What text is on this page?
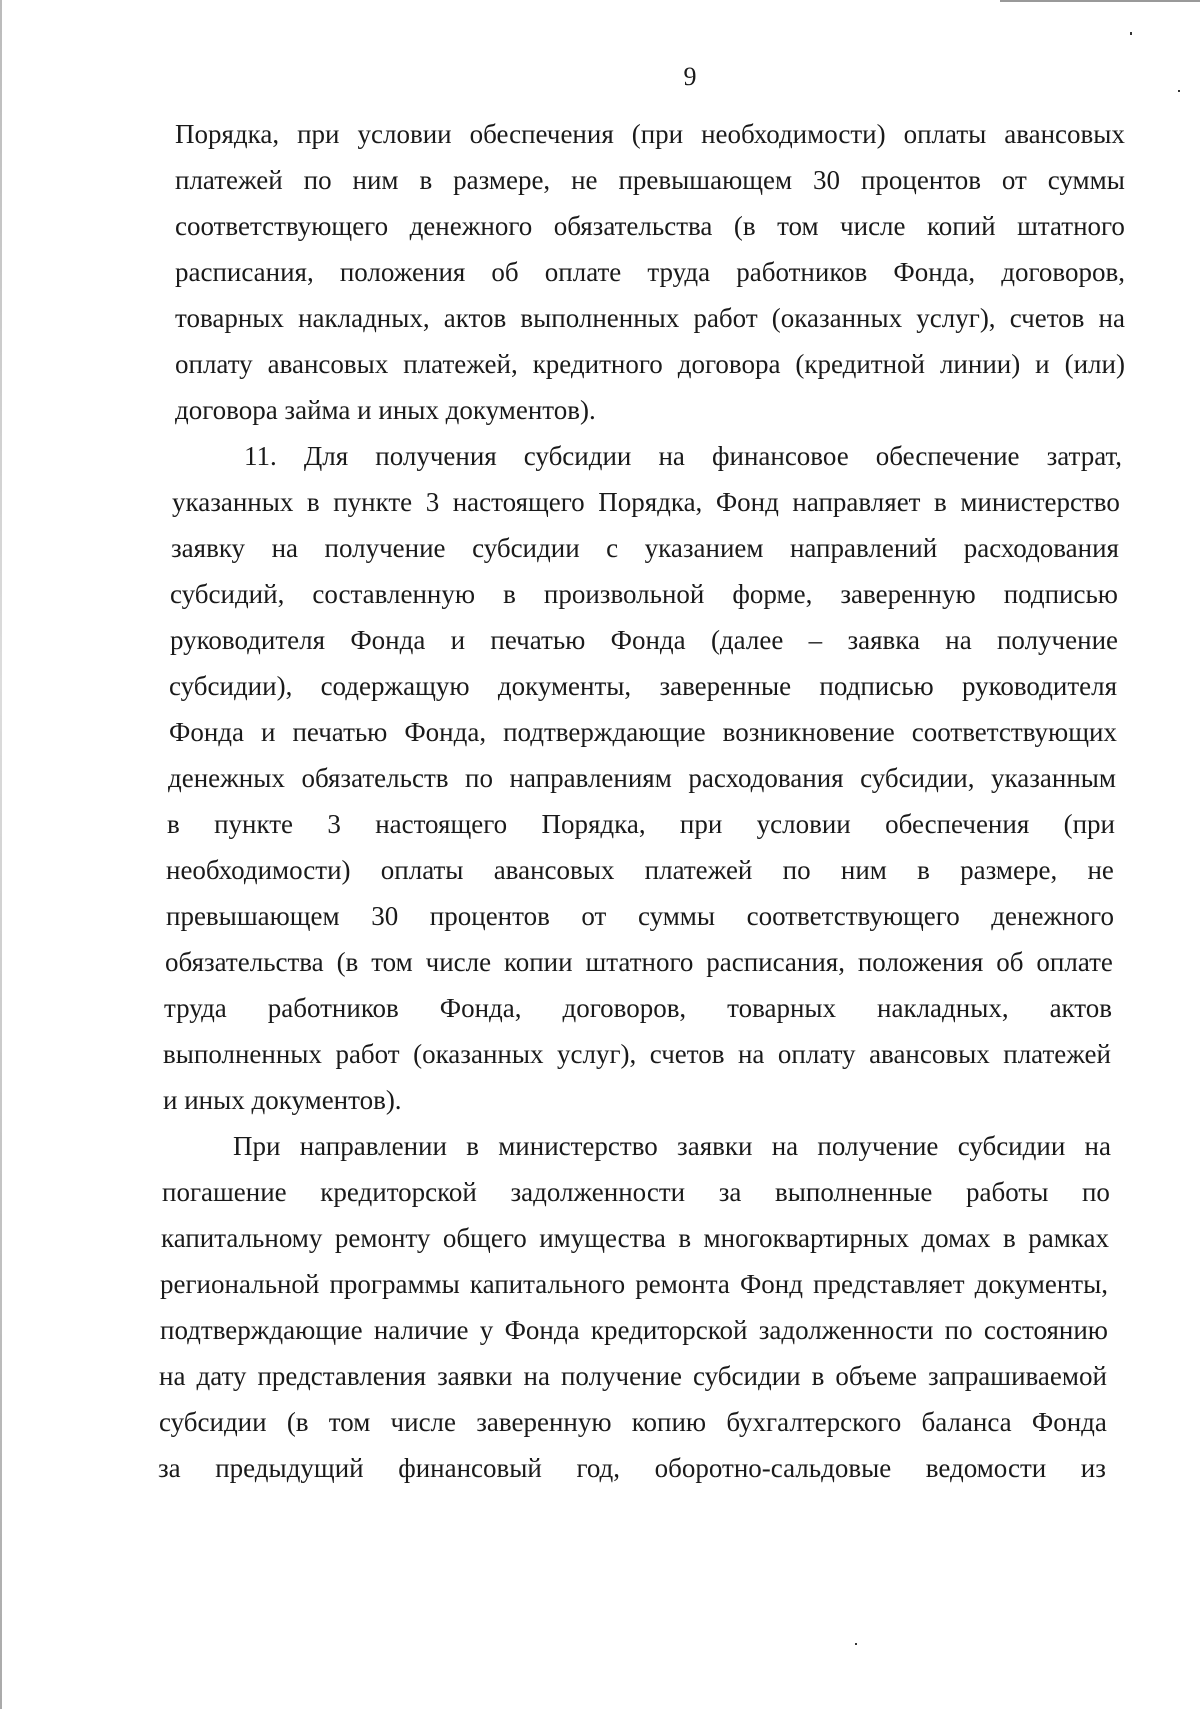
9
Порядка, при условии обеспечения (при необходимости) оплаты авансовых
платежей по ним в размере, не превышающем 30 процентов от суммы
соответствующего денежного обязательства (в том числе копий штатного
расписания, положения об оплате труда работников Фонда, договоров,
товарных накладных, актов выполненных работ (оказанных услуг), счетов на
оплату авансовых платежей, кредитного договора (кредитной линии) и (или)
договора займа и иных документов).
11. Для получения субсидии на финансовое обеспечение затрат,
указанных в пункте 3 настоящего Порядка, Фонд направляет в министерство
заявку на получение субсидии с указанием направлений расходования
субсидий, составленную в произвольной форме, заверенную подписью
руководителя Фонда и печатью Фонда (далее – заявка на получение
субсидии), содержащую документы, заверенные подписью руководителя
Фонда и печатью Фонда, подтверждающие возникновение соответствующих
денежных обязательств по направлениям расходования субсидии, указанным
в пункте 3 настоящего Порядка, при условии обеспечения (при
необходимости) оплаты авансовых платежей по ним в размере, не
превышающем 30 процентов от суммы соответствующего денежного
обязательства (в том числе копии штатного расписания, положения об оплате
труда работников Фонда, договоров, товарных накладных, актов
выполненных работ (оказанных услуг), счетов на оплату авансовых платежей
и иных документов).
При направлении в министерство заявки на получение субсидии на
погашение кредиторской задолженности за выполненные работы по
капитальному ремонту общего имущества в многоквартирных домах в рамках
региональной программы капитального ремонта Фонд представляет документы,
подтверждающие наличие у Фонда кредиторской задолженности по состоянию
на дату представления заявки на получение субсидии в объеме запрашиваемой
субсидии (в том числе заверенную копию бухгалтерского баланса Фонда
за предыдущий финансовый год, оборотно-сальдовые ведомости из
